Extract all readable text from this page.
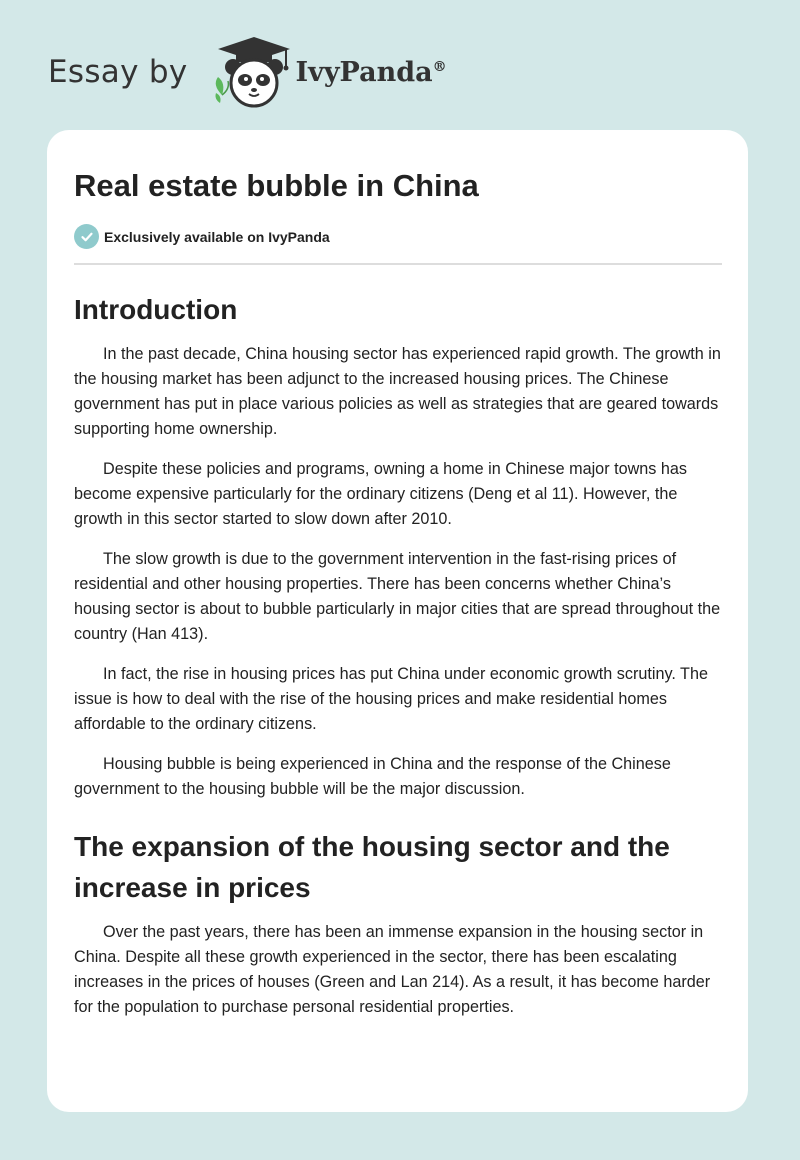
Essay by	IvyPanda®
Real estate bubble in China
Exclusively available on IvyPanda
Introduction

In the past decade, China housing sector has experienced rapid growth. The growth in the housing market has been adjunct to the increased housing prices. The Chinese government has put in place various policies as well as strategies that are geared towards supporting home ownership.

Despite these policies and programs, owning a home in Chinese major towns has become expensive particularly for the ordinary citizens (Deng et al 11). However, the growth in this sector started to slow down after 2010.

The slow growth is due to the government intervention in the fast-rising prices of residential and other housing properties. There has been concerns whether China’s housing sector is about to bubble particularly in major cities that are spread throughout the country (Han 413).

In fact, the rise in housing prices has put China under economic growth scrutiny. The issue is how to deal with the rise of the housing prices and make residential homes affordable to the ordinary citizens.

Housing bubble is being experienced in China and the response of the Chinese government to the housing bubble will be the major discussion.

The expansion of the housing sector and the increase in prices

Over the past years, there has been an immense expansion in the housing sector in China. Despite all these growth experienced in the sector, there has been escalating increases in the prices of houses (Green and Lan 214). As a result, it has become harder for the population to purchase personal residential properties.
